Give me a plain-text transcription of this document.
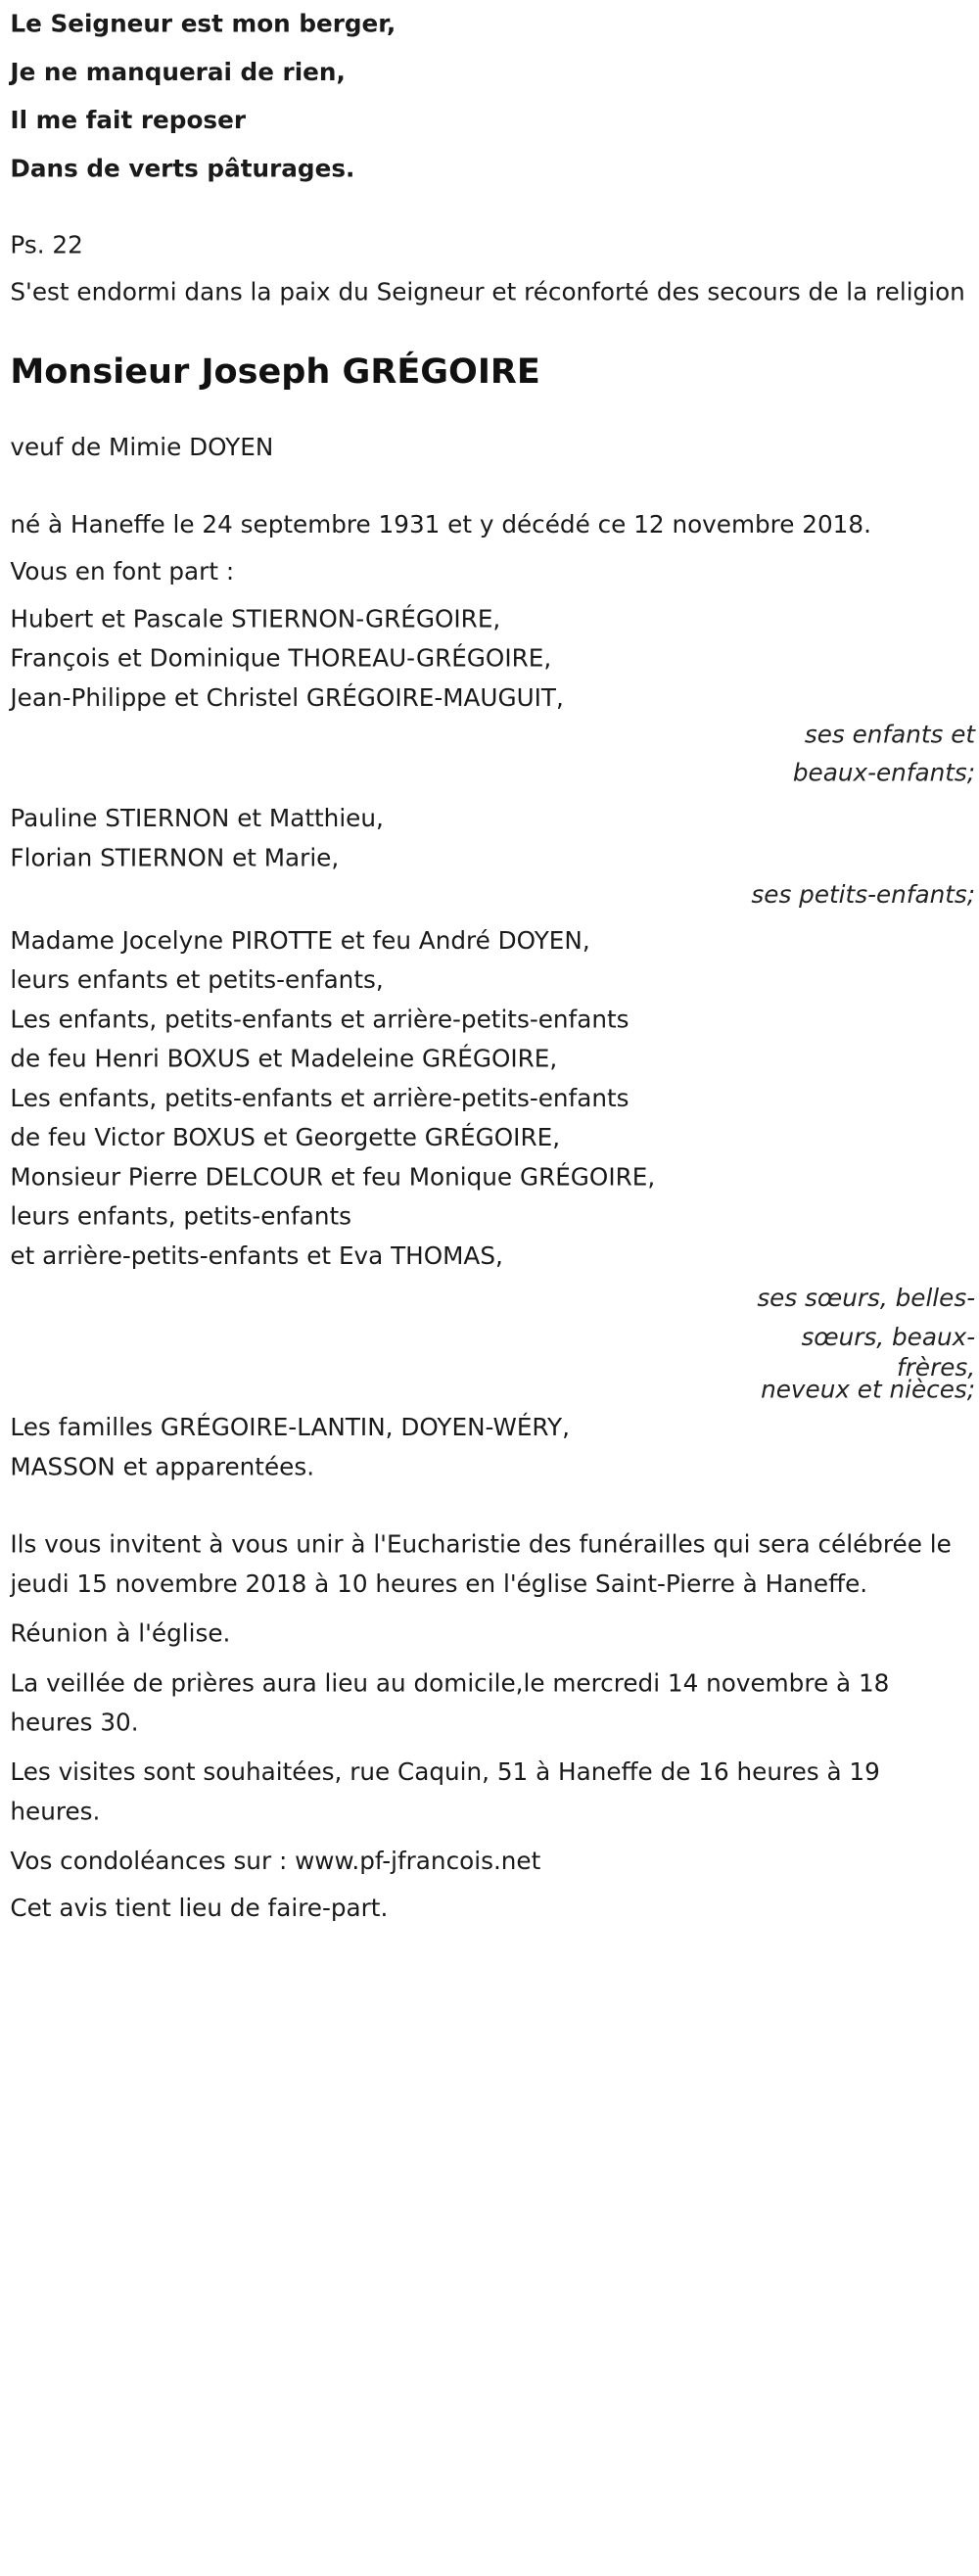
Le Seigneur est mon berger,
Je ne manquerai de rien,
Il me fait reposer
Dans de verts pâturages.
Ps. 22
S'est endormi dans la paix du Seigneur et réconforté des secours de la religion
Monsieur Joseph GRÉGOIRE
veuf de Mimie DOYEN
né à Haneffe le 24 septembre 1931 et y décédé ce 12 novembre 2018.
Vous en font part :
Hubert et Pascale STIERNON-GRÉGOIRE,
François et Dominique THOREAU-GRÉGOIRE,
Jean-Philippe et Christel GRÉGOIRE-MAUGUIT,
ses enfants et
beaux-enfants;
Pauline STIERNON et Matthieu,
Florian STIERNON et Marie,
ses petits-enfants;
Madame Jocelyne PIROTTE et feu André DOYEN,
leurs enfants et petits-enfants,
Les enfants, petits-enfants et arrière-petits-enfants
de feu Henri BOXUS et Madeleine GRÉGOIRE,
Les enfants, petits-enfants et arrière-petits-enfants
de feu Victor BOXUS et Georgette GRÉGOIRE,
Monsieur Pierre DELCOUR et feu Monique GRÉGOIRE,
leurs enfants, petits-enfants
et arrière-petits-enfants et Eva THOMAS,
ses sœurs, belles-
sœurs, beaux-
frères,
neveux et nièces;
Les familles GRÉGOIRE-LANTIN, DOYEN-WÉRY,
MASSON et apparentées.
Ils vous invitent à vous unir à l'Eucharistie des funérailles qui sera célébrée le jeudi 15 novembre 2018 à 10 heures en l'église Saint-Pierre à Haneffe.
Réunion à l'église.
La veillée de prières aura lieu au domicile,le mercredi 14 novembre à 18 heures 30.
Les visites sont souhaitées, rue Caquin, 51 à Haneffe de 16 heures à 19 heures.
Vos condoléances sur : www.pf-jfrancois.net
Cet avis tient lieu de faire-part.
